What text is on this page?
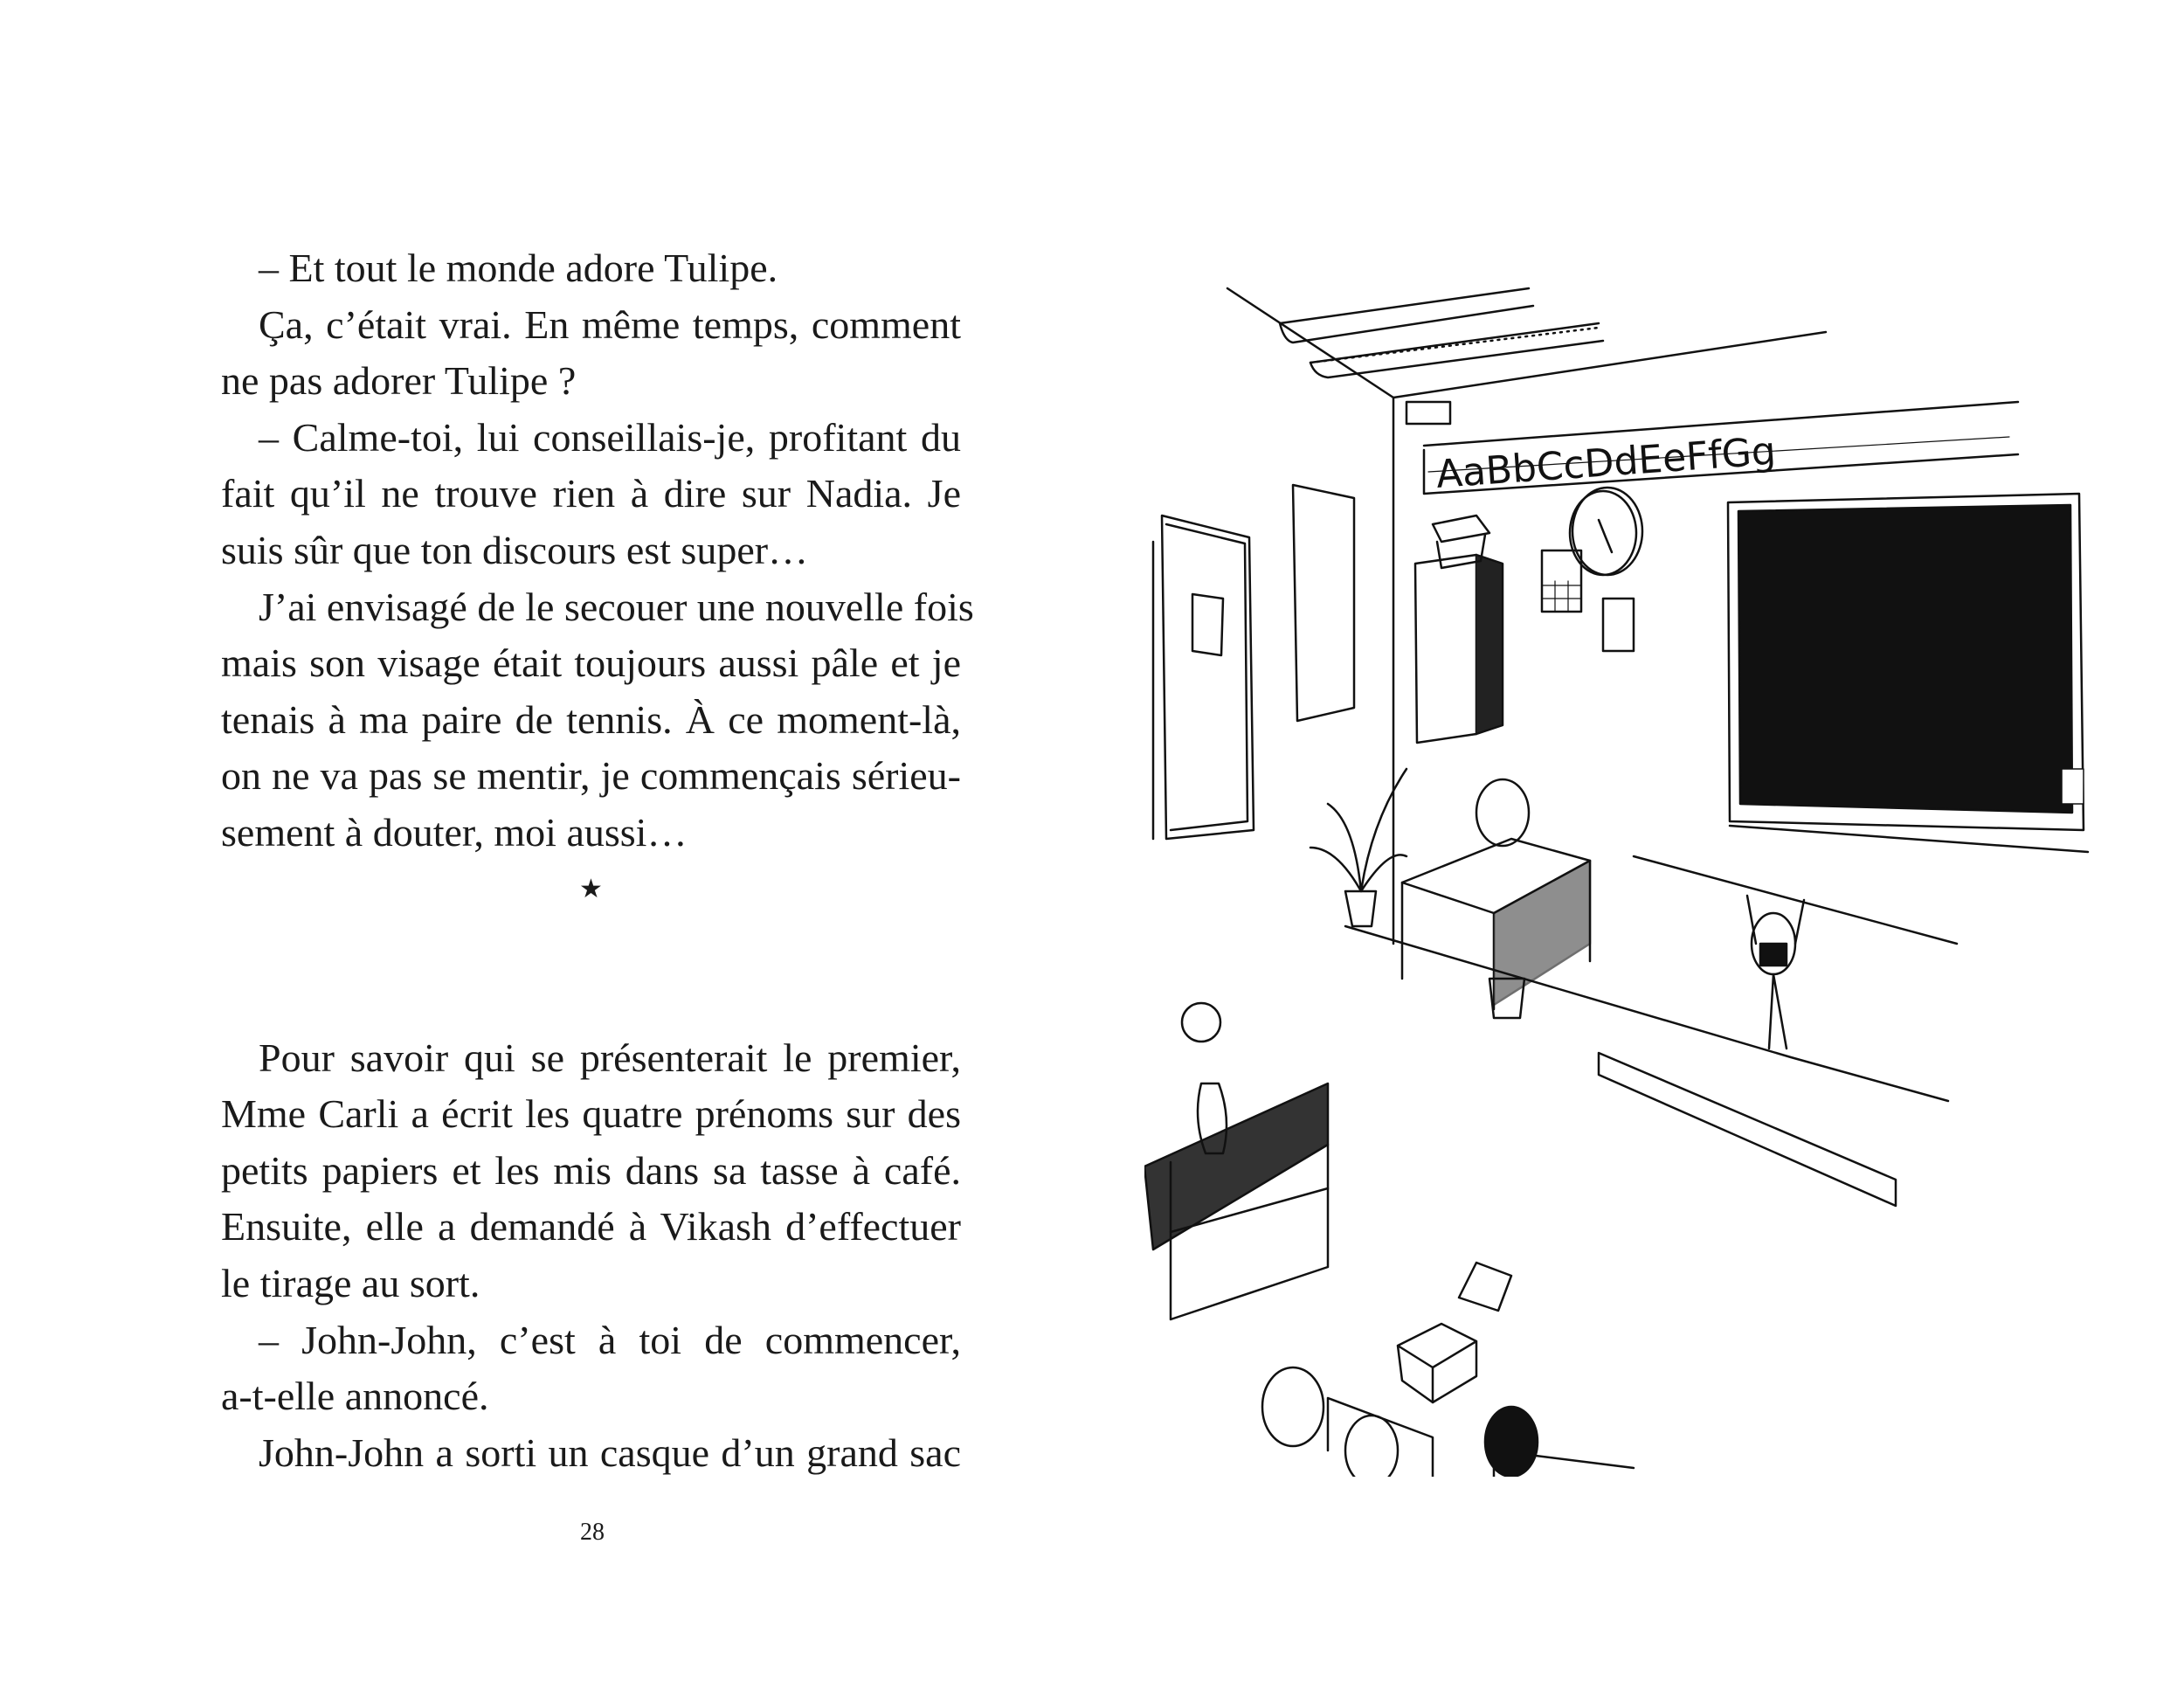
– Et tout le monde adore Tulipe.

Ça, c’était vrai. En même temps, comment
ne pas adorer Tulipe ?

– Calme-toi, lui conseillais-je, profitant du
fait qu’il ne trouve rien à dire sur Nadia. Je
suis sûr que ton discours est super…

J’ai envisagé de le secouer une nouvelle fois
mais son visage était toujours aussi pâle et je
tenais à ma paire de tennis. À ce moment-là,
on ne va pas se mentir, je commençais sérieu-
sement à douter, moi aussi…

★

Pour savoir qui se présenterait le premier,
Mme Carli a écrit les quatre prénoms sur des
petits papiers et les mis dans sa tasse à café.
Ensuite, elle a demandé à Vikash d’effectuer
le tirage au sort.

– John-John, c’est à toi de commencer,
a-t-elle annoncé.

John-John a sorti un casque d’un grand sac

28
AaBbCcDdEeFfGg
